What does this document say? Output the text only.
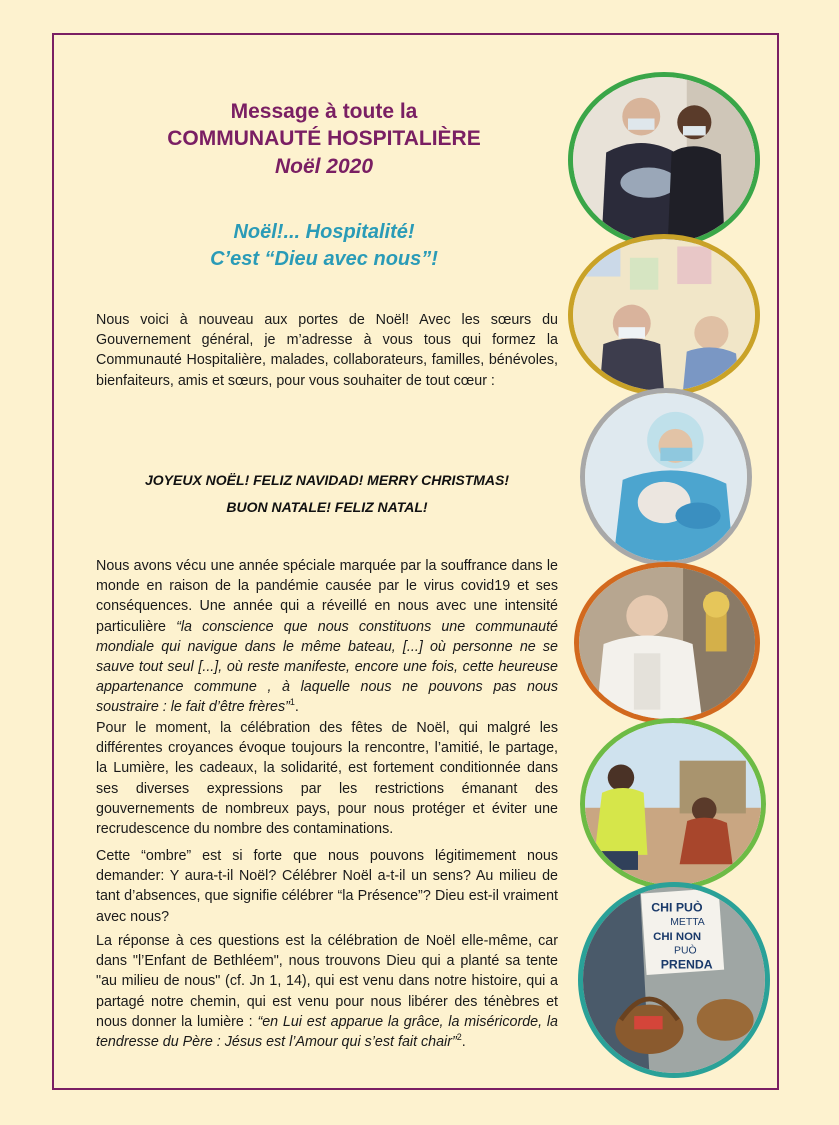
Message à toute la

COMMUNAUTÉ HOSPITALIÈRE

Noël 2020

Noël!... Hospitalité!

C’est “Dieu avec nous”!

Nous voici à nouveau aux portes de Noël! Avec les sœurs du Gouvernement général, je m’adresse à vous tous qui formez la Communauté Hospitalière, malades, collaborateurs, familles, bénévoles, bienfaiteurs, amis et sœurs, pour vous souhaiter de tout cœur :

JOYEUX NOËL! FELIZ NAVIDAD! MERRY CHRISTMAS!

BUON NATALE! FELIZ NATAL!

Nous avons vécu une année spéciale marquée par la souffrance dans le monde en raison de la pandémie causée par le virus covid19 et ses conséquences. Une année qui a réveillé en nous avec une intensité particulière “la conscience que nous constituons une communauté mondiale qui navigue dans le même bateau, [...] où personne ne se sauve tout seul [...], où reste manifeste, encore une fois, cette heureuse appartenance commune , à laquelle nous ne pouvons pas nous soustraire : le fait d’être frères”$^1$.

Pour le moment, la célébration des fêtes de Noël, qui malgré les différentes croyances évoque toujours la rencontre, l’amitié, le partage, la Lumière, les cadeaux, la solidarité, est fortement conditionnée dans ses diverses expressions par les restrictions émanant des gouvernements de nombreux pays, pour nous protéger et éviter une recrudescence du nombre des contaminations.

Cette “ombre” est si forte que nous pouvons légitimement nous demander: Y aura-t-il Noël? Célébrer Noël a-t-il un sens? Au milieu de tant d’absences, que signifie célébrer “la Présence”? Dieu est-il vraiment avec nous?

La réponse à ces questions est la célébration de Noël elle-même, car dans "l’Enfant de Bethléem", nous trouvons Dieu qui a planté sa tente "au milieu de nous" (cf. Jn 1, 14), qui est venu dans notre histoire, qui a partagé notre chemin, qui est venu pour nous libérer des ténèbres et nous donner la lumière : “en Lui est apparue la grâce, la miséricorde, la tendresse du Père : Jésus est l’Amour qui s’est fait chair”$^2$.

CHI PUÒ
METTA
CHI NON
PUÒ
PRENDA
